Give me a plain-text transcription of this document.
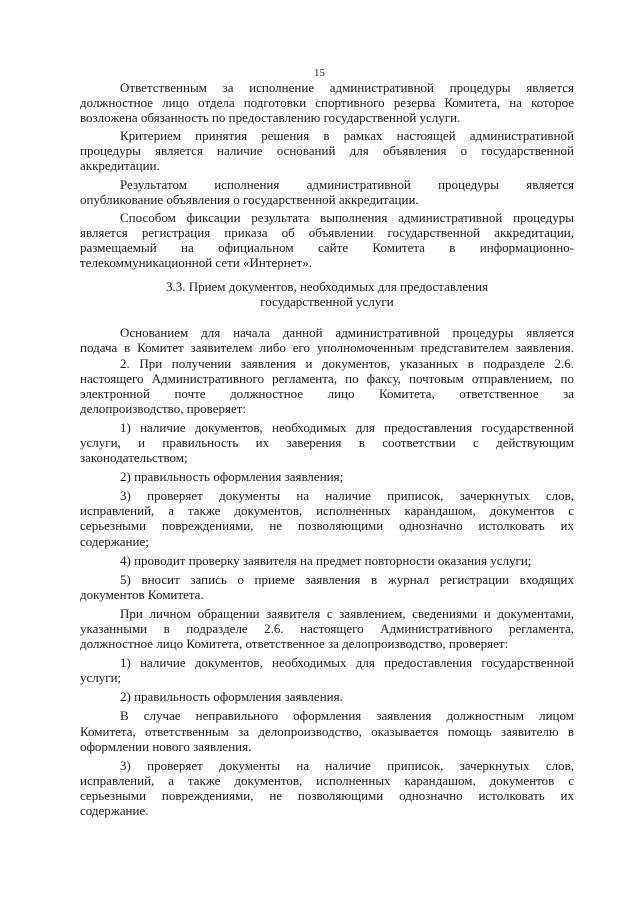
15
Ответственным за исполнение административной процедуры является
должностное лицо отдела подготовки спортивного резерва Комитета, на которое
возложена обязанность по предоставлению государственной услуги.
Критерием принятия решения в рамках настоящей административной
процедуры является наличие оснований для объявления о государственной
аккредитации.
Результатом исполнения административной процедуры является
опубликование объявления о государственной аккредитации.
Способом фиксации результата выполнения административной процедуры
является регистрация приказа об объявлении государственной аккредитации,
размещаемый на официальном сайте Комитета в информационно-
телекоммуникационной сети «Интернет».
3.3. Прием документов, необходимых для предоставления
государственной услуги
Основанием для начала данной административной процедуры является
подача в Комитет заявителем либо его уполномоченным представителем заявления.
2. При получении заявления и документов, указанных в подразделе 2.6.
настоящего Административного регламента, по факсу, почтовым отправлением, по
электронной почте должностное лицо Комитета, ответственное за
делопроизводство, проверяет:
1) наличие документов, необходимых для предоставления государственной
услуги, и правильность их заверения в соответствии с действующим
законодательством;
2) правильность оформления заявления;
3) проверяет документы на наличие приписок, зачеркнутых слов,
исправлений, а также документов, исполненных карандашом, документов с
серьезными повреждениями, не позволяющими однозначно истолковать их
содержание;
4) проводит проверку заявителя на предмет повторности оказания услуги;
5) вносит запись о приеме заявления в журнал регистрации входящих
документов Комитета.
При личном обращении заявителя с заявлением, сведениями и документами,
указанными в подразделе 2.6. настоящего Административного регламента,
должностное лицо Комитета, ответственное за делопроизводство, проверяет:
1) наличие документов, необходимых для предоставления государственной
услуги;
2) правильность оформления заявления.
В случае неправильного оформления заявления должностным лицом
Комитета, ответственным за делопроизводство, оказывается помощь заявителю в
оформлении нового заявления.
3) проверяет документы на наличие приписок, зачеркнутых слов,
исправлений, а также документов, исполненных карандашом, документов с
серьезными повреждениями, не позволяющими однозначно истолковать их
содержание.
